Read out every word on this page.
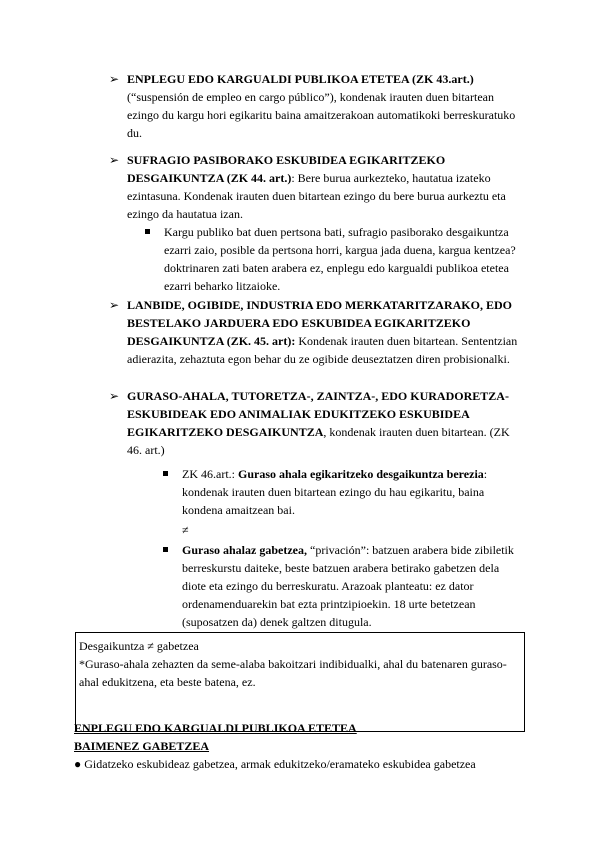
➢ ENPLEGU EDO KARGUALDI PUBLIKOA ETETEA (ZK 43.art.)
(“suspensión de empleo en cargo público”), kondenak irauten duen bitartean ezingo du kargu hori egikaritu baina amaitzerakoan automatikoki berreskuratuko du.
➢ SUFRAGIO PASIBORAKO ESKUBIDEA EGIKARITZEKO DESGAIKUNTZA (ZK 44. art.): Bere burua aurkezteko, hautatua izateko ezintasuna. Kondenak irauten duen bitartean ezingo du bere burua aurkeztu eta ezingo da hautatua izan.
Kargu publiko bat duen pertsona bati, sufragio pasiborako desgaikuntza ezarri zaio, posible da pertsona horri, kargua jada duena, kargua kentzea? doktrinaren zati baten arabera ez, enplegu edo kargualdi publikoa etetea ezarri beharko litzaioke.
➢ LANBIDE, OGIBIDE, INDUSTRIA EDO MERKATARITZARAKO, EDO BESTELAKO JARDUERA EDO ESKUBIDEA EGIKARITZEKO DESGAIKUNTZA (ZK. 45. art): Kondenak irauten duen bitartean. Sententzian adierazita, zehaztuta egon behar du ze ogibide deuseztatzen diren probisionalki.
➢ GURASO-AHALA, TUTORETZA-, ZAINTZA-, EDO KURADORETZA- ESKUBIDEAK EDO ANIMALIAK EDUKITZEKO ESKUBIDEA EGIKARITZEKO DESGAIKUNTZA, kondenak irauten duen bitartean. (ZK 46. art.)
ZK 46.art.: Guraso ahala egikaritzeko desgaikuntza berezia: kondenak irauten duen bitartean ezingo du hau egikaritu, baina kondena amaitzean bai.
≠
Guraso ahalaz gabetzea, “privación”: batzuen arabera bide zibiletik berreskurstu daiteke, beste batzuen arabera betirako gabetzen dela diote eta ezingo du berreskuratu. Arazoak planteatu: ez dator ordenamenduarekin bat ezta printzipioekin. 18 urte betetzean (suposatzen da) denek galtzen ditugula.
Desgaikuntza ≠ gabetzea
*Guraso-ahala zehazten da seme-alaba bakoitzari indibidualki, ahal du batenaren guraso-ahal edukitzena, eta beste batena, ez.
ENPLEGU EDO KARGUALDI PUBLIKOA ETETEA
BAIMENEZ GABETZEA
● Gidatzeko eskubideaz gabetzea, armak edukitzeko/eramateko eskubidea gabetzea
